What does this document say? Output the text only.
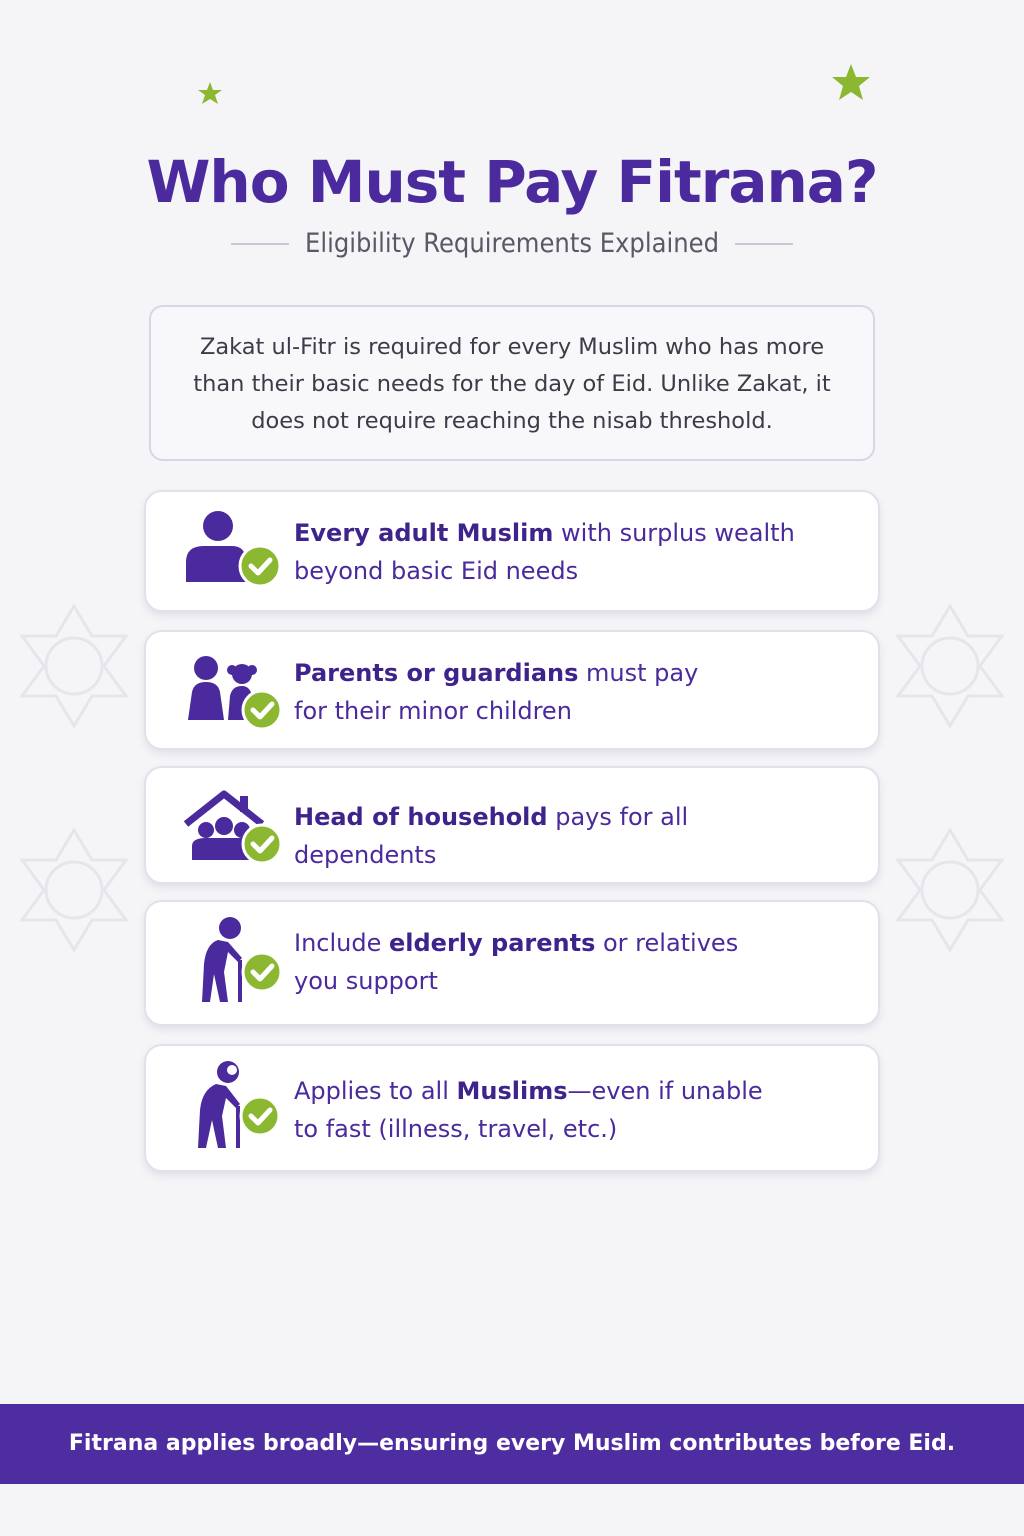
Who Must Pay Fitrana?
Eligibility Requirements Explained

Zakat ul-Fitr is required for every Muslim who has more than their basic needs for the day of Eid. Unlike Zakat, it does not require reaching the nisab threshold.

Every adult Muslim with surplus wealth
beyond basic Eid needs
Parents or guardians must pay
for their minor children
Head of household pays for all dependents
Include elderly parents or relatives
you support
Applies to all Muslims—even if unable
to fast (illness, travel, etc.)
Fitrana applies broadly—ensuring every Muslim contributes before Eid.
